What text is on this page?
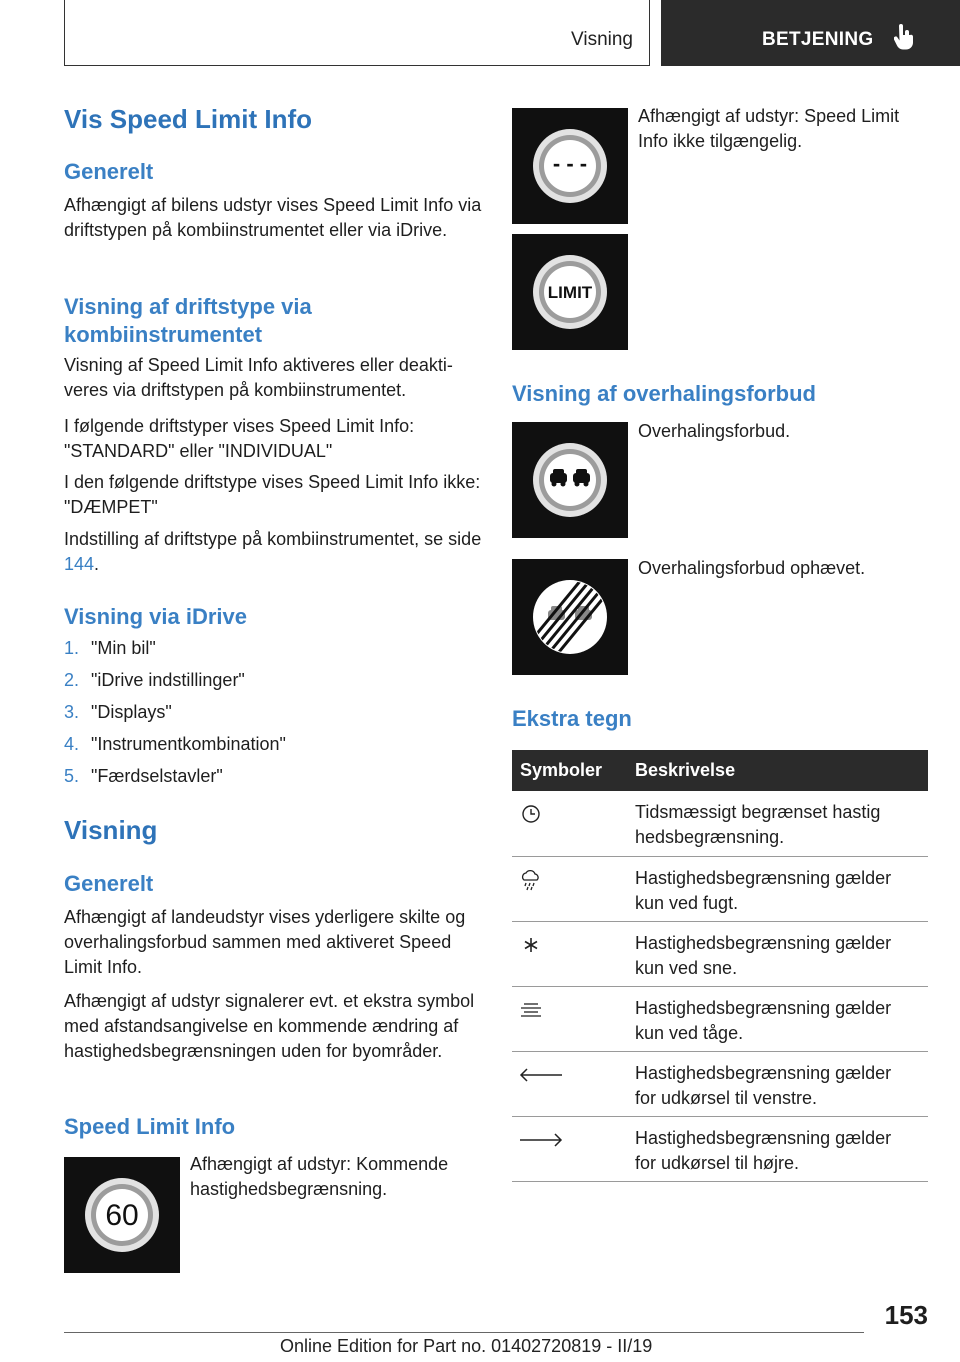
Visning	BETJENING
Vis Speed Limit Info
Generelt
Afhængigt af bilens udstyr vises Speed Limit Info via driftstypen på kombiinstrumentet eller via iDrive.
Visning af driftstype via kombiinstrumentet
Visning af Speed Limit Info aktiveres eller deaktiveres via driftstypen på kombiinstrumentet.
I følgende driftstyper vises Speed Limit Info: "STANDARD" eller "INDIVIDUAL"
I den følgende driftstype vises Speed Limit Info ikke: "DÆMPET"
Indstilling af driftstype på kombiinstrumentet, se side 144.
Visning via iDrive
1. "Min bil"
2. "iDrive indstillinger"
3. "Displays"
4. "Instrumentkombination"
5. "Færdselstavler"
Visning
Generelt
Afhængigt af landeudstyr vises yderligere skilte og overhalingsforbud sammen med aktiveret Speed Limit Info.
Afhængigt af udstyr signalerer evt. et ekstra symbol med afstandsangivelse en kommende ændring af hastighedsbegrænsningen uden for byområder.
Speed Limit Info
60
Afhængigt af udstyr: Kommende hastighedsbegrænsning.
- - -
Afhængigt af udstyr: Speed Limit Info ikke tilgængelig.
LIMIT
Visning af overhalingsforbud
Overhalingsforbud.
Overhalingsforbud ophævet.
Ekstra tegn
Symboler	Beskrivelse
	Tidsmæssigt begrænset hastig
hedsbegrænsning.
	Hastighedsbegrænsning gælder
kun ved fugt.
	Hastighedsbegrænsning gælder
kun ved sne.
	Hastighedsbegrænsning gælder
kun ved tåge.
	Hastighedsbegrænsning gælder
for udkørsel til venstre.
	Hastighedsbegrænsning gælder
for udkørsel til højre.
153
Online Edition for Part no. 01402720819 - II/19
